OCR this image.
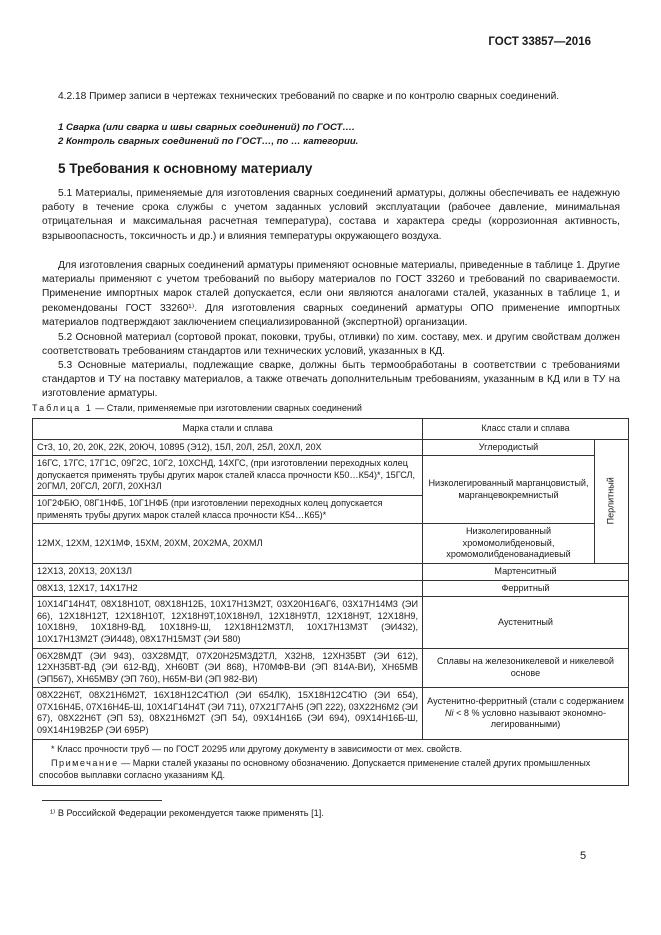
ГОСТ 33857—2016
4.2.18 Пример записи в чертежах технических требований по сварке и по контролю сварных соединений.
1 Сварка (или сварка и швы сварных соединений) по ГОСТ….
2 Контроль сварных соединений по ГОСТ…, по … категории.
5 Требования к основному материалу
5.1 Материалы, применяемые для изготовления сварных соединений арматуры, должны обеспечивать ее надежную работу в течение срока службы с учетом заданных условий эксплуатации (рабочее давление, минимальная отрицательная и максимальная расчетная температура), состава и характера среды (коррозионная активность, взрывоопасность, токсичность и др.) и влияния температуры окружающего воздуха.
Для изготовления сварных соединений арматуры применяют основные материалы, приведенные в таблице 1. Другие материалы применяют с учетом требований по выбору материалов по ГОСТ 33260 и требований по свариваемости. Применение импортных марок сталей допускается, если они являются аналогами сталей, указанных в таблице 1, и рекомендованы ГОСТ 33260¹⁾. Для изготовления сварных соединений арматуры ОПО применение импортных материалов подтверждают заключением специализированной (экспертной) организации.
5.2 Основной материал (сортовой прокат, поковки, трубы, отливки) по хим. составу, мех. и другим свойствам должен соответствовать требованиям стандартов или технических условий, указанных в КД.
5.3 Основные материалы, подлежащие сварке, должны быть термообработаны в соответствии с требованиями стандартов и ТУ на поставку материалов, а также отвечать дополнительным требованиям, указанным в КД или в ТУ на изготовление арматуры.
Таблица 1 — Стали, применяемые при изготовлении сварных соединений
Марка стали и сплава	Класс стали и сплава	
Ст3, 10, 20, 20К, 22К, 20ЮЧ, 10895 (Э12), 15Л, 20Л, 25Л, 20ХЛ, 20Х	Углеродистый	Перлитный

16ГС, 17ГС, 17Г1С, 09Г2С, 10Г2, 10ХСНД, 14ХГС, (при изготовлении переходных колец допускается применять трубы других марок сталей класса прочности К50…К54)*, 15ГСЛ, 20ГМЛ, 20ГСЛ, 20ГЛ, 20ХН3Л	Низколегированный марганцовистый, марганцевокремнистый	
10Г2ФБЮ, 08Г1НФБ, 10Г1НФБ (при изготовлении переходных колец допускается применять трубы других марок сталей класса прочности К54…К65)*		
12МХ, 12ХМ, 12Х1МФ, 15ХМ, 20ХМ, 20Х2МА, 20ХМЛ	Низколегированный хромомолибденовый, хромомолибденованадиевый	
12Х13, 20Х13, 20Х13Л	Мартенситный	
08Х13, 12Х17, 14Х17Н2	Ферритный	
10Х14Г14Н4Т, 08Х18Н10Т, 08Х18Н12Б, 10Х17Н13М2Т, 03Х20Н16АГ6, 03Х17Н14М3 (ЭИ 66), 12Х18Н12Т, 12Х18Н10Т, 12Х18Н9Т,10Х18Н9Л, 12Х18Н9ТЛ, 12Х18Н9Т, 12Х18Н9, 10Х18Н9, 10Х18Н9-ВД, 10Х18Н9-Ш, 12Х18Н12М3ТЛ, 10Х17Н13М3Т (ЭИ432), 10Х17Н13М2Т (ЭИ448), 08Х17Н15М3Т (ЭИ 580)	Аустенитный	
06Х28МДТ (ЭИ 943), 03Х28МДТ, 07Х20Н25М3Д2ТЛ, Х32Н8, 12ХН35ВТ (ЭИ 612), 12ХН35ВТ-ВД (ЭИ 612-ВД), ХН60ВТ (ЭИ 868), Н70МФВ-ВИ (ЭП 814А-ВИ), ХН65МВ (ЭП567), ХН65МВУ (ЭП 760), Н65М-ВИ (ЭП 982-ВИ)	Сплавы на железоникелевой и никелевой основе	
08Х22Н6Т, 08Х21Н6М2Т, 16Х18Н12С4ТЮЛ (ЭИ 654ЛК), 15Х18Н12С4ТЮ (ЭИ 654), 07Х16Н4Б, 07Х16Н4Б-Ш, 10Х14Г14Н4Т (ЭИ 711), 07Х21Г7АН5 (ЭП 222), 03Х22Н6М2 (ЭИ 67), 08Х22Н6Т (ЭП 53), 08Х21Н6М2Т (ЭП 54), 09Х14Н16Б (ЭИ 694), 09Х14Н16Б-Ш, 09Х14Н19В2БР (ЭИ 695Р)	Аустенитно-ферритный (стали с содержанием Ni < 8 % условно называют экономно-легированными)	

* Класс прочности труб — по ГОСТ 20295 или другому документу в зависимости от мех. свойств.
Примечание — Марки сталей указаны по основному обозначению. Допускается применение сталей других промышленных способов выплавки согласно указаниям КД.		
¹⁾ В Российской Федерации рекомендуется также применять [1].
5
